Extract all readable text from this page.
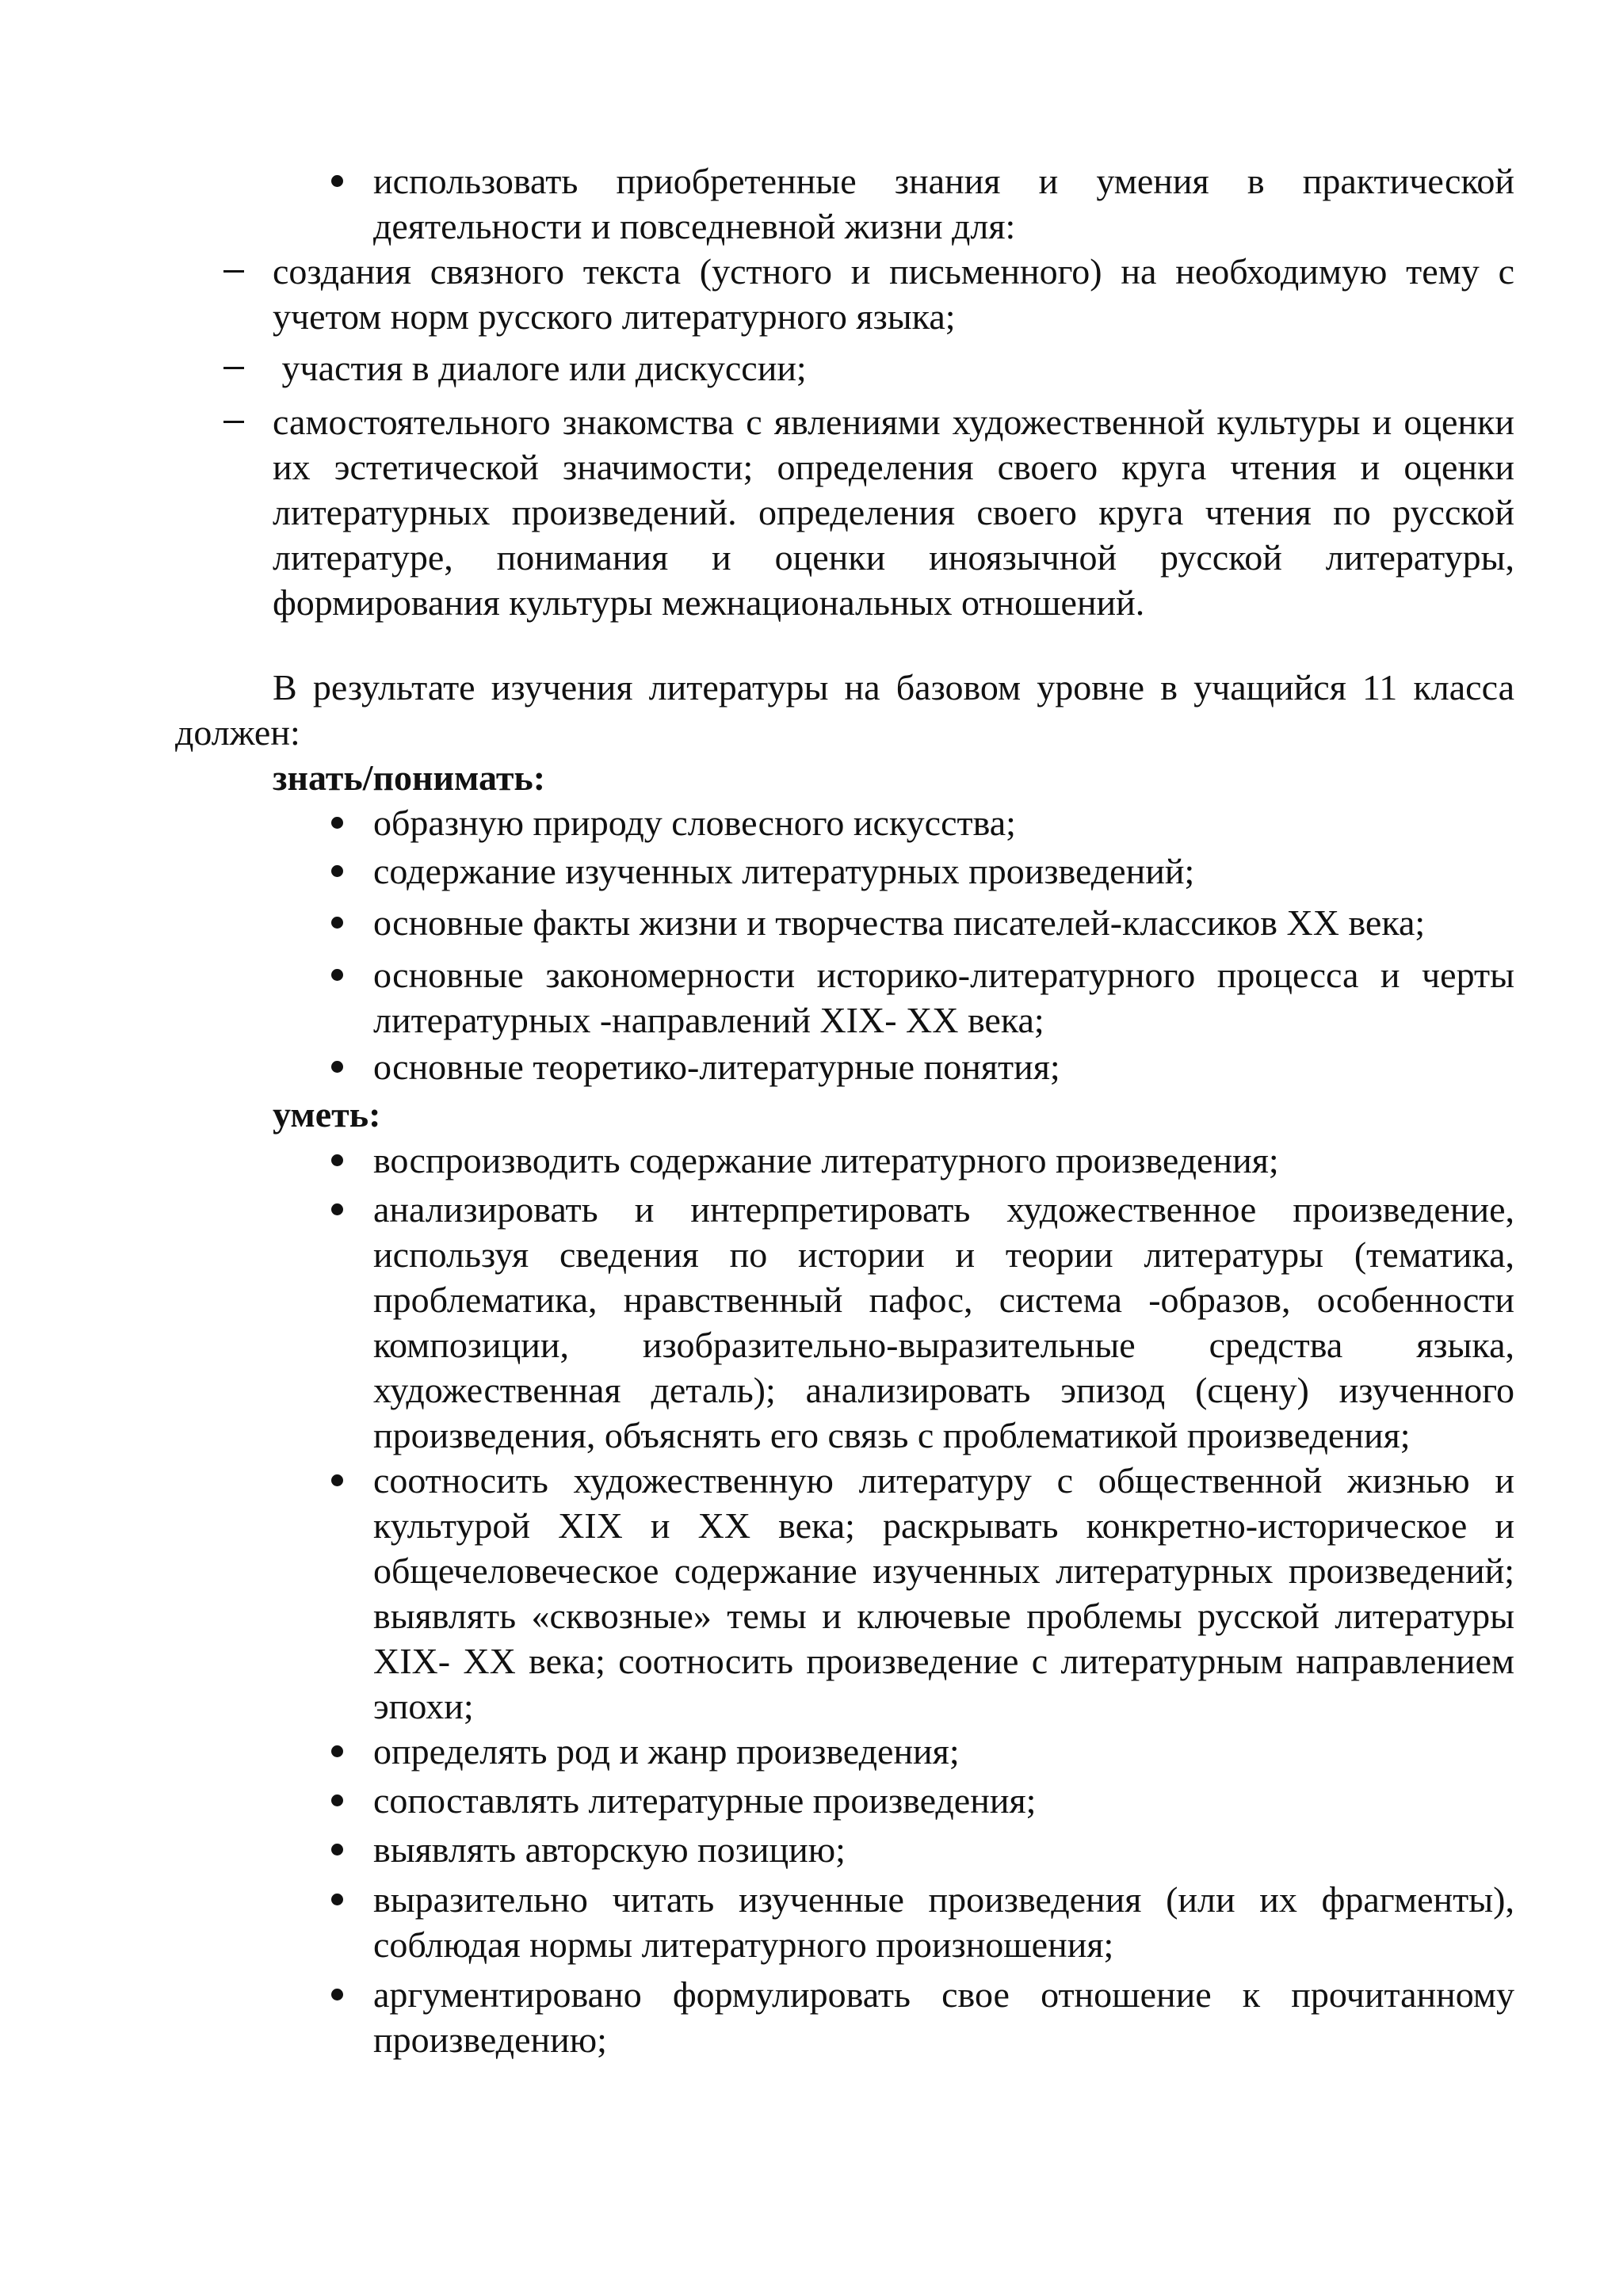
использовать приобретенные знания и умения в практической деятельности и повседневной жизни для:
создания связного текста (устного и письменного) на необходимую тему с учетом норм русского литературного языка;
участия в диалоге или дискуссии;
самостоятельного знакомства с явлениями художественной культуры и оценки их эстетической значимости; определения своего круга чтения и оценки литературных произведений. определения своего круга чтения по русской литературе, понимания и оценки иноязычной русской литературы, формирования культуры межнациональных отношений.
В результате изучения литературы на базовом уровне в учащийся 11 класса должен:
знать/понимать:
образную природу словесного искусства;
содержание изученных литературных произведений;
основные факты жизни и творчества писателей-классиков XX века;
основные закономерности историко-литературного процесса и черты литературных -направлений XIX- XX века;
основные теоретико-литературные понятия;
уметь:
воспроизводить содержание литературного произведения;
анализировать и интерпретировать художественное произведение, используя сведения по истории и теории литературы (тематика, проблематика, нравственный пафос, система -образов, особенности композиции, изобразительно-выразительные средства языка, художественная деталь); анализировать эпизод (сцену) изученного произведения, объяснять его связь с проблематикой произведения;
соотносить художественную литературу с общественной жизнью и культурой XIX и XX века; раскрывать конкретно-историческое и общечеловеческое содержание изученных литературных произведений; выявлять «сквозные» темы и ключевые проблемы русской литературы XIX- XX века; соотносить произведение с литературным направлением эпохи;
определять род и жанр произведения;
сопоставлять литературные произведения;
выявлять авторскую позицию;
выразительно читать изученные произведения (или их фрагменты), соблюдая нормы литературного произношения;
аргументировано формулировать свое отношение к прочитанному произведению;
